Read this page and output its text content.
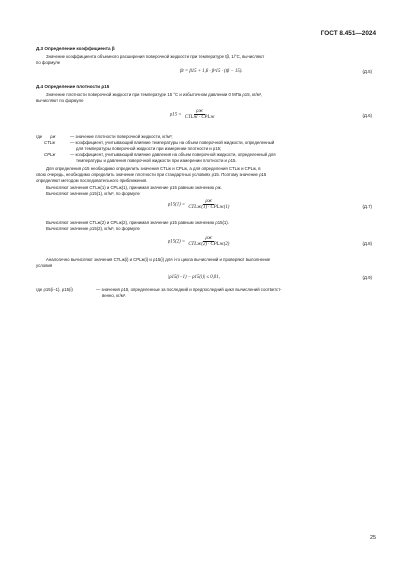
ГОСТ 8.451—2024
Д.3 Определение коэффициента β
Значение коэффициента объемного расширения поверочной жидкости при температуре tβ, 1/°С, вычисляют
по формуле
βt = β15 + 1,6 · β²15 · (tβ − 15).	(Д.5)
Д.4 Определение плотности ρ15
Значение плотности поверочной жидкости при температуре 15 °С и избыточном давлении 0 МПа ρ15, кг/м³,
вычисляют по формуле
$\rho 15 = \frac{\rho ж}{\text{CTLж · CPLж}}$	(Д.6)
где ρж	— значение плотности поверочной жидкости, кг/м³;
CTLж	— коэффициент, учитывающий влияние температуры на объем поверочной жидкости, определенный
для температуры поверочной жидкости при измерении плотности и ρ15;
CPLж	— коэффициент, учитывающий влияние давления на объем поверочной жидкости, определенный для
температуры и давления поверочной жидкости при измерении плотности и ρ15.
Для определения ρ15 необходимо определить значения CTLж и CPLж, а для определения CTLж и CPLж, в
свою очередь, необходимо определить значение плотности при стандартных условиях ρ15. Поэтому значение ρ15
определяют методом последовательного приближения.
Вычисляют значения CTLж(1) и CPLж(1), принимая значение ρ15 равным значению ρж.
Вычисляют значение ρ15(1), кг/м³, по формуле
$\rho 15(1) = \frac{\rho ж}{\text{CTLж(1) · CPLж(1)}}$	(Д.7)
Вычисляют значения CTLж(2) и CPLж(2), принимая значение ρ15 равным значению ρ15(1).
Вычисляют значение ρ15(2), кг/м³, по формуле
$\rho 15(2) = \frac{\rho ж}{\text{CTLж(2) · CPLж(2)}}$	(Д.8)
Аналогично вычисляют значения CTLж(i) и CPLж(i) и ρ15(i) для i-го цикла вычислений и проверяют выполнение
условия
|ρ15(i−1) − ρ15(i)| ≤ 0,01,	(Д.9)
где ρ15(i−1), ρ15(i)	— значения ρ15, определенные за последний и предпоследний цикл вычислений соответст-
венно, кг/м³.
25
